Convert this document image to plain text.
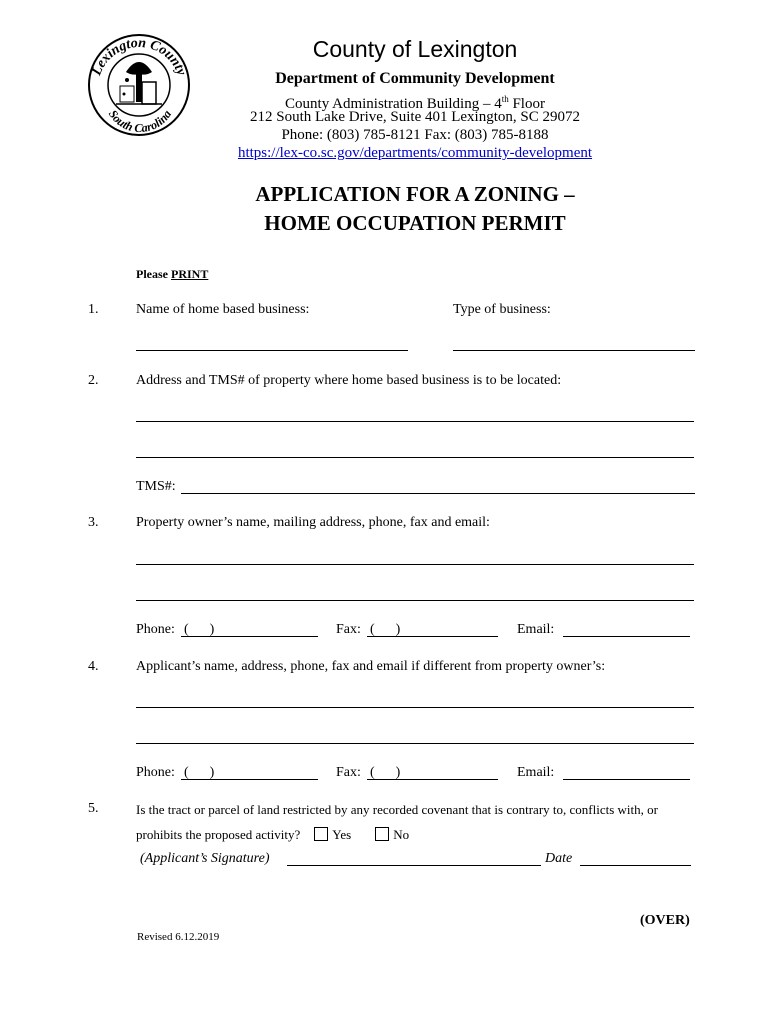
Lexington County
South Carolina
County of Lexington
Department of Community Development
County Administration Building – 4th Floor
212 South Lake Drive, Suite 401 Lexington, SC 29072
Phone: (803) 785-8121 Fax: (803) 785-8188
https://lex-co.sc.gov/departments/community-development
APPLICATION FOR A ZONING –
HOME OCCUPATION PERMIT
Please PRINT
1.	Name of home based business:	Type of business:
2.	Address and TMS# of property where home based business is to be located:
TMS#:
3.	Property owner’s name, mailing address, phone, fax and email:
Phone: (      )	Fax: (      )	Email:
4.	Applicant’s name, address, phone, fax and email if different from property owner’s:
Phone: (      )	Fax: (      )	Email:
5.	Is the tract or parcel of land restricted by any recorded covenant that is contrary to, conflicts with, or
prohibits the proposed activity? Yes	No
(Applicant’s Signature)	Date
(OVER)
Revised 6.12.2019
